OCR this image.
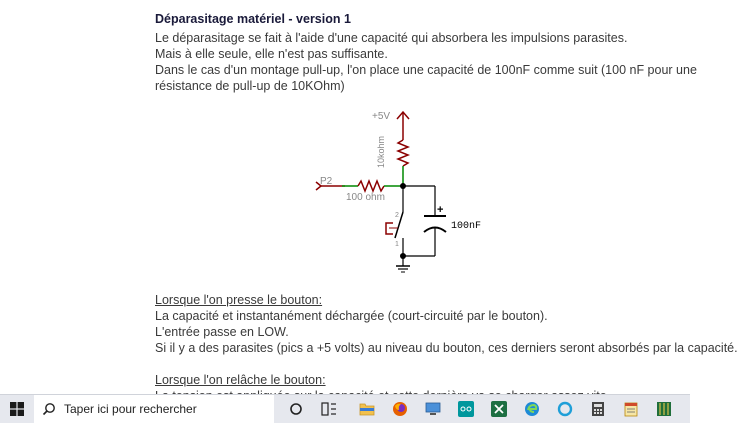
Déparasitage matériel - version 1
Le déparasitage se fait à l'aide d'une capacité qui absorbera les impulsions parasites.
Mais à elle seule, elle n'est pas suffisante.
Dans le cas d'un montage pull-up, l'on place une capacité de 100nF comme suit (100 nF pour une
résistance de pull-up de 10KOhm)
Lorsque l'on presse le bouton:
La capacité et instantanément déchargée (court-circuité par le bouton).
L'entrée passe en LOW.
Si il y a des parasites (pics a +5 volts) au niveau du bouton, ces derniers seront absorbés par la capacité.
Lorsque l'on relâche le bouton:
+5V
10kohm
P2
100 ohm
+
100nF
2
1
Taper ici pour rechercher
